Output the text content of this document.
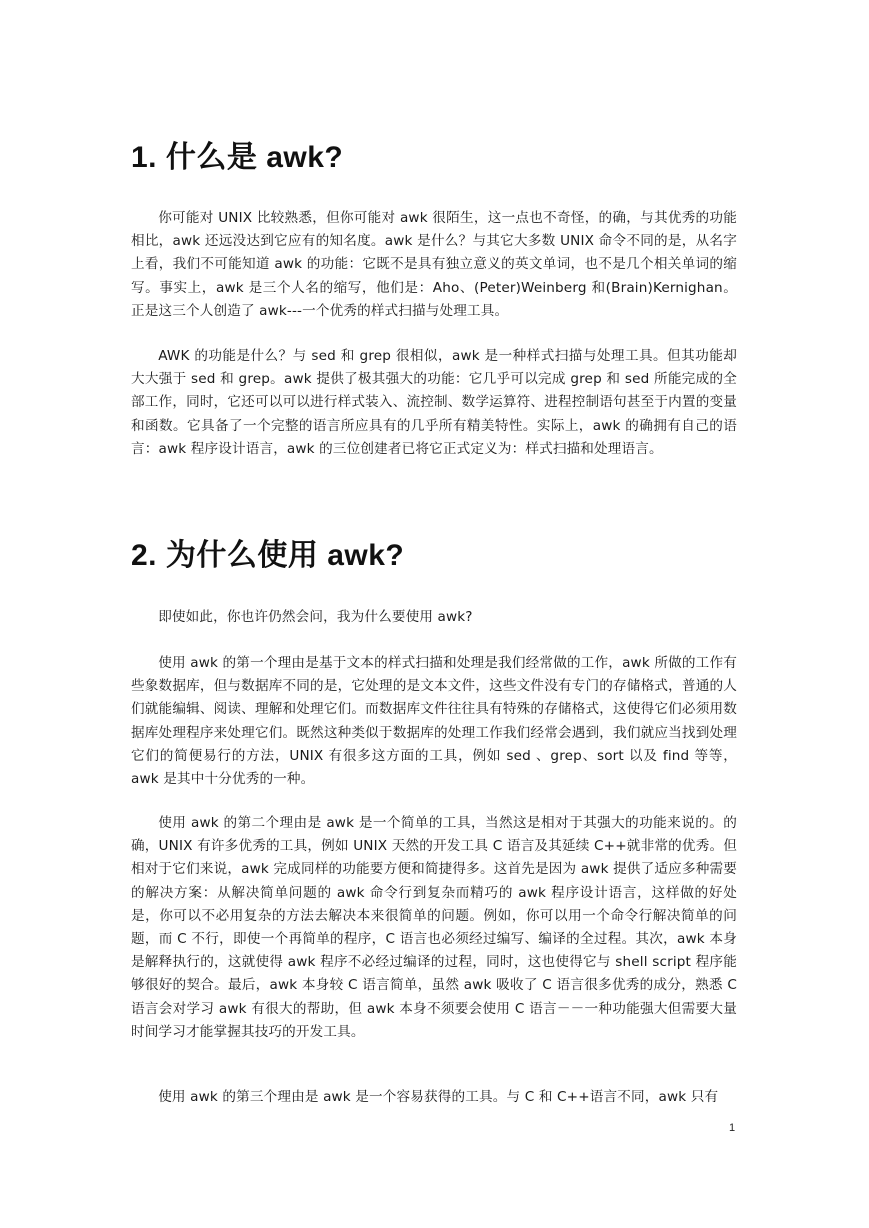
1. 什么是 awk?

你可能对 UNIX 比较熟悉，但你可能对 awk 很陌生，这一点也不奇怪，的确，与其优秀的功能相比，awk 还远没达到它应有的知名度。awk 是什么？与其它大多数 UNIX 命令不同的是，从名字上看，我们不可能知道 awk 的功能：它既不是具有独立意义的英文单词，也不是几个相关单词的缩写。事实上，awk 是三个人名的缩写，他们是：Aho、(Peter)Weinberg 和(Brain)Kernighan。正是这三个人创造了 awk---一个优秀的样式扫描与处理工具。

AWK 的功能是什么？与 sed 和 grep 很相似，awk 是一种样式扫描与处理工具。但其功能却大大强于 sed 和 grep。awk 提供了极其强大的功能：它几乎可以完成 grep 和 sed 所能完成的全部工作，同时，它还可以可以进行样式装入、流控制、数学运算符、进程控制语句甚至于内置的变量和函数。它具备了一个完整的语言所应具有的几乎所有精美特性。实际上，awk 的确拥有自己的语言：awk 程序设计语言，awk 的三位创建者已将它正式定义为：样式扫描和处理语言。

2. 为什么使用 awk?

即使如此，你也许仍然会问，我为什么要使用 awk?

使用 awk 的第一个理由是基于文本的样式扫描和处理是我们经常做的工作，awk 所做的工作有些象数据库，但与数据库不同的是，它处理的是文本文件，这些文件没有专门的存储格式，普通的人们就能编辑、阅读、理解和处理它们。而数据库文件往往具有特殊的存储格式，这使得它们必须用数据库处理程序来处理它们。既然这种类似于数据库的处理工作我们经常会遇到，我们就应当找到处理它们的简便易行的方法，UNIX 有很多这方面的工具，例如 sed 、grep、sort 以及 find 等等，awk 是其中十分优秀的一种。

使用 awk 的第二个理由是 awk 是一个简单的工具，当然这是相对于其强大的功能来说的。的确，UNIX 有许多优秀的工具，例如 UNIX 天然的开发工具 C 语言及其延续 C++就非常的优秀。但相对于它们来说，awk 完成同样的功能要方便和简捷得多。这首先是因为 awk 提供了适应多种需要的解决方案：从解决简单问题的 awk 命令行到复杂而精巧的 awk 程序设计语言，这样做的好处是，你可以不必用复杂的方法去解决本来很简单的问题。例如，你可以用一个命令行解决简单的问题，而 C 不行，即使一个再简单的程序，C 语言也必须经过编写、编译的全过程。其次，awk 本身是解释执行的，这就使得 awk 程序不必经过编译的过程，同时，这也使得它与 shell script 程序能够很好的契合。最后，awk 本身较 C 语言简单，虽然 awk 吸收了 C 语言很多优秀的成分，熟悉 C 语言会对学习 awk 有很大的帮助，但 awk 本身不须要会使用 C 语言－－一种功能强大但需要大量时间学习才能掌握其技巧的开发工具。

使用 awk 的第三个理由是 awk 是一个容易获得的工具。与 C 和 C++语言不同，awk 只有

1
